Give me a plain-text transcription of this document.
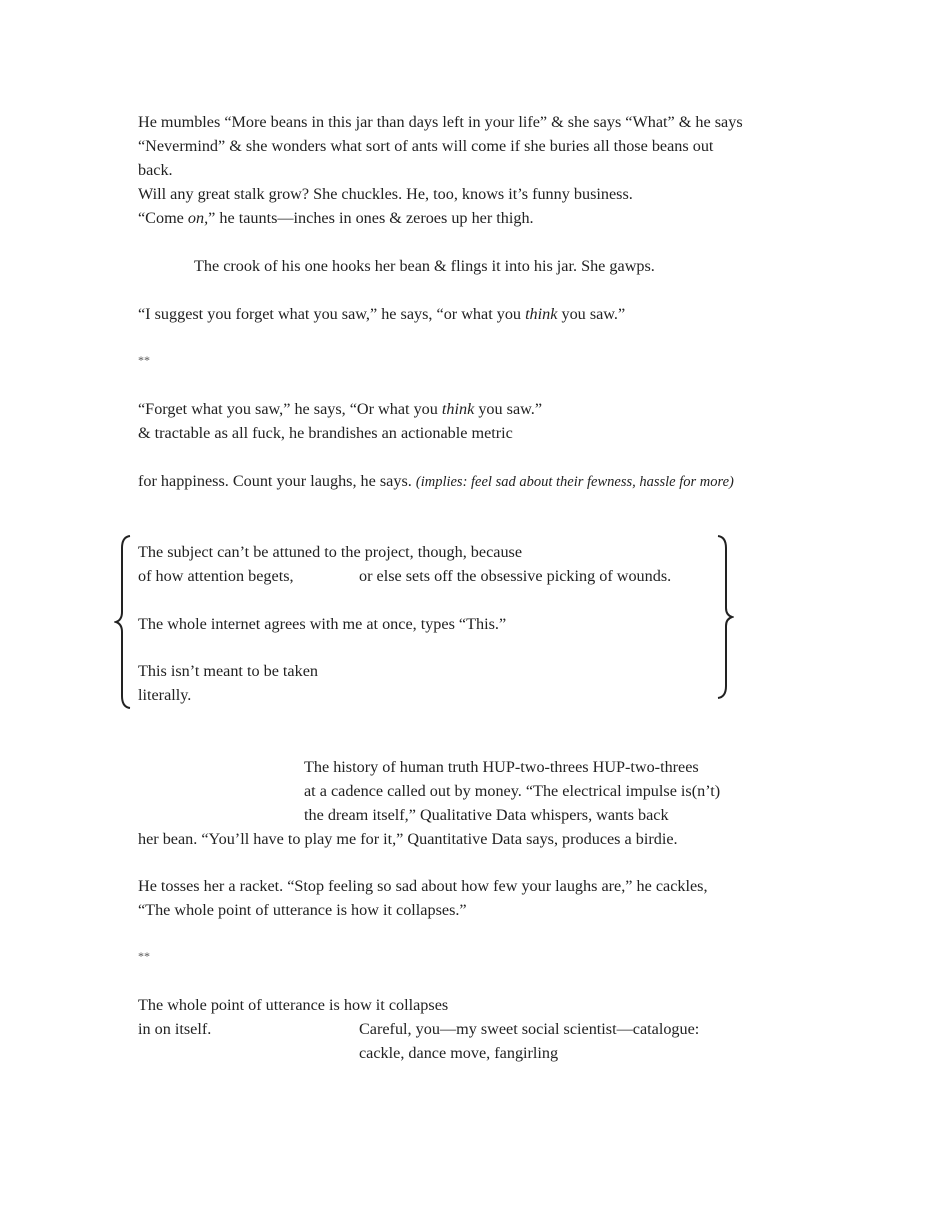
He mumbles “More beans in this jar than days left in your life” & she says “What” & he says
“Nevermind” & she wonders what sort of ants will come if she buries all those beans out
back.
Will any great stalk grow? She chuckles. He, too, knows it’s funny business.
“Come on,” he taunts—inches in ones & zeroes up her thigh.
The crook of his one hooks her bean & flings it into his jar. She gawps.
“I suggest you forget what you saw,” he says, “or what you think you saw.”
**
“Forget what you saw,” he says, “Or what you think you saw.”
& tractable as all fuck, he brandishes an actionable metric
for happiness. Count your laughs, he says. (implies: feel sad about their fewness, hassle for more)
The subject can’t be attuned to the project, though, because
of how attention begets,	or else sets off the obsessive picking of wounds.
The whole internet agrees with me at once, types “This.”
This isn’t meant to be taken
literally.
The history of human truth HUP-two-threes HUP-two-threes
at a cadence called out by money. “The electrical impulse is(n’t)
the dream itself,” Qualitative Data whispers, wants back
her bean. “You’ll have to play me for it,” Quantitative Data says, produces a birdie.
He tosses her a racket. “Stop feeling so sad about how few your laughs are,” he cackles,
“The whole point of utterance is how it collapses.”
**
The whole point of utterance is how it collapses
in on itself.	Careful, you—my sweet social scientist—catalogue:
cackle, dance move, fangirling
